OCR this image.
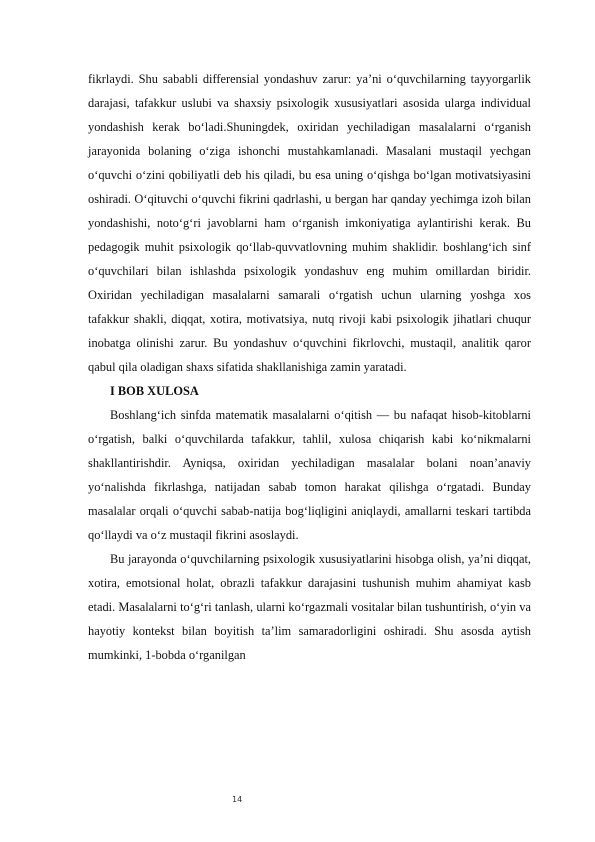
fikrlaydi. Shu sababli differensial yondashuv zarur: ya’ni o‘quvchilarning tayyorgarlik darajasi, tafakkur uslubi va shaxsiy psixologik xususiyatlari asosida ularga individual yondashish kerak bo‘ladi.Shuningdek, oxiridan yechiladigan masalalarni o‘rganish jarayonida bolaning o‘ziga ishonchi mustahkamlanadi. Masalani mustaqil yechgan o‘quvchi o‘zini qobiliyatli deb his qiladi, bu esa uning o‘qishga bo‘lgan motivatsiyasini oshiradi. O‘qituvchi o‘quvchi fikrini qadrlashi, u bergan har qanday yechimga izoh bilan yondashishi, noto‘g‘ri javoblarni ham o‘rganish imkoniyatiga aylantirishi kerak. Bu pedagogik muhit psixologik qo‘llab-quvvatlovning muhim shaklidir. boshlang‘ich sinf o‘quvchilari bilan ishlashda psixologik yondashuv eng muhim omillardan biridir. Oxiridan yechiladigan masalalarni samarali o‘rgatish uchun ularning yoshga xos tafakkur shakli, diqqat, xotira, motivatsiya, nutq rivoji kabi psixologik jihatlari chuqur inobatga olinishi zarur. Bu yondashuv o‘quvchini fikrlovchi, mustaqil, analitik qaror qabul qila oladigan shaxs sifatida shakllanishiga zamin yaratadi.

I BOB XULOSA

Boshlang‘ich sinfda matematik masalalarni o‘qitish — bu nafaqat hisob-kitoblarni o‘rgatish, balki o‘quvchilarda tafakkur, tahlil, xulosa chiqarish kabi ko‘nikmalarni shakllantirishdir. Ayniqsa, oxiridan yechiladigan masalalar bolani noan’anaviy yo‘nalishda fikrlashga, natijadan sabab tomon harakat qilishga o‘rgatadi. Bunday masalalar orqali o‘quvchi sabab-natija bog‘liqligini aniqlaydi, amallarni teskari tartibda qo‘llaydi va o‘z mustaqil fikrini asoslaydi.

Bu jarayonda o‘quvchilarning psixologik xususiyatlarini hisobga olish, ya’ni diqqat, xotira, emotsional holat, obrazli tafakkur darajasini tushunish muhim ahamiyat kasb etadi. Masalalarni to‘g‘ri tanlash, ularni ko‘rgazmali vositalar bilan tushuntirish, o‘yin va hayotiy kontekst bilan boyitish ta’lim samaradorligini oshiradi. Shu asosda aytish mumkinki, 1-bobda o‘rganilgan

14
